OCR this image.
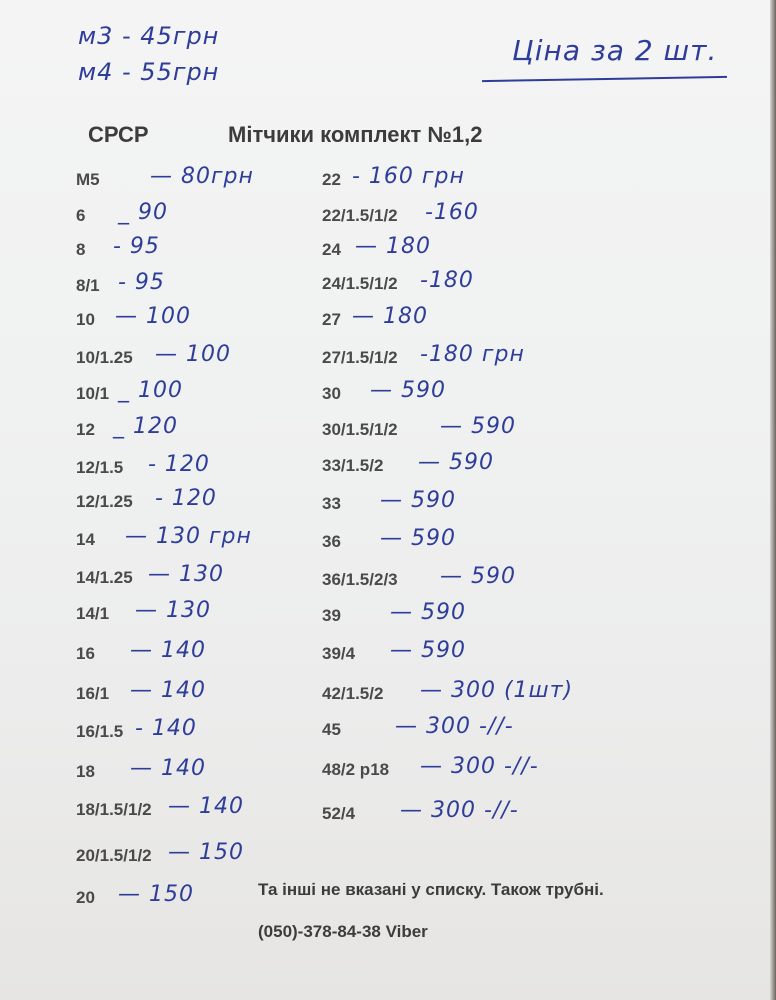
м3 - 45грн
м4 - 55грн
Ціна за 2 шт.
СРСР	Мітчики комплект №1,2
М5 — 80грн
6 _ 90
8 - 95
8/1 - 95
10 — 100
10/1.25 — 100
10/1 _ 100
12 _ 120
12/1.5 - 120
12/1.25 - 120
14 — 130 грн
14/1.25 — 130
14/1 — 130
16 — 140
16/1 — 140
16/1.5 - 140
18 — 140
18/1.5/1/2 — 140
20/1.5/1/2 — 150
20 — 150
22 - 160 грн
22/1.5/1/2 -160
24 — 180
24/1.5/1/2 -180
27 — 180
27/1.5/1/2 -180 грн
30 — 590
30/1.5/1/2 — 590
33/1.5/2 — 590
33 — 590
36 — 590
36/1.5/2/3 — 590
39 — 590
39/4 — 590
42/1.5/2 — 300 (1шт)
45 — 300 -//-
48/2 p18 — 300 -//-
52/4 — 300 -//-
Та інші не вказані у списку. Також трубні.
(050)-378-84-38 Viber
